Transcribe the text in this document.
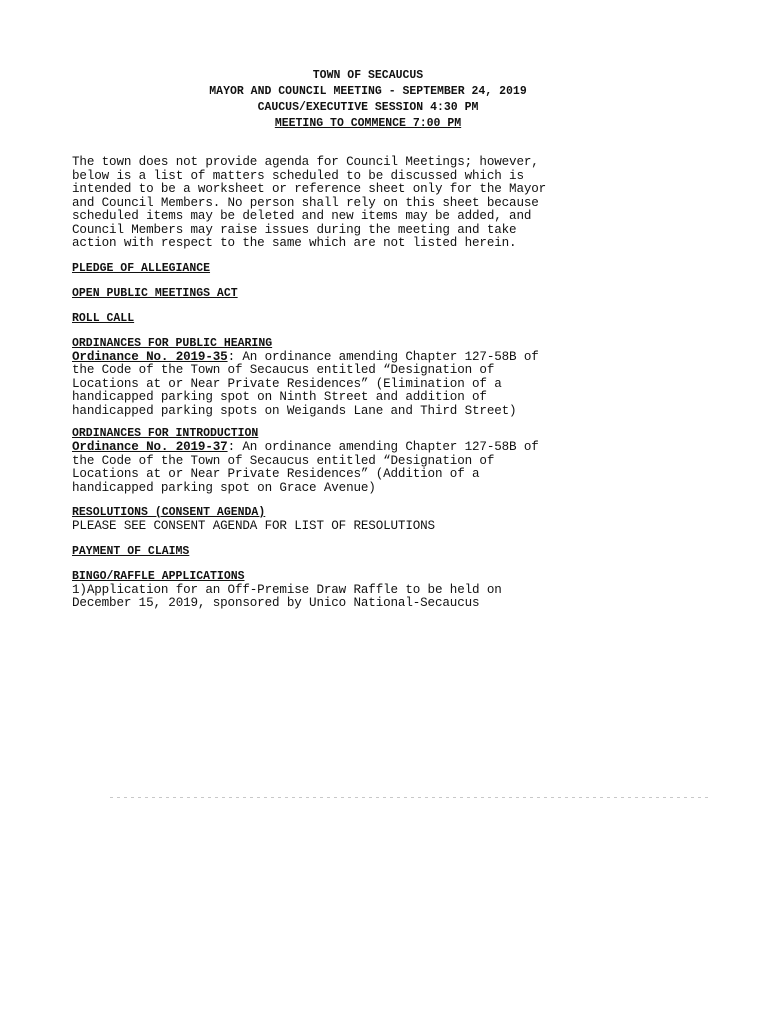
TOWN OF SECAUCUS
MAYOR AND COUNCIL MEETING - SEPTEMBER 24, 2019
CAUCUS/EXECUTIVE SESSION 4:30 PM
MEETING TO COMMENCE 7:00 PM
The town does not provide agenda for Council Meetings; however,
below is a list of matters scheduled to be discussed which is
intended to be a worksheet or reference sheet only for the Mayor
and Council Members. No person shall rely on this sheet because
scheduled items may be deleted and new items may be added, and
Council Members may raise issues during the meeting and take
action with respect to the same which are not listed herein.
PLEDGE OF ALLEGIANCE
OPEN PUBLIC MEETINGS ACT
ROLL CALL
ORDINANCES FOR PUBLIC HEARING
Ordinance No. 2019-35: An ordinance amending Chapter 127-58B of
the Code of the Town of Secaucus entitled “Designation of
Locations at or Near Private Residences” (Elimination of a
handicapped parking spot on Ninth Street and addition of
handicapped parking spots on Weigands Lane and Third Street)
ORDINANCES FOR INTRODUCTION
Ordinance No. 2019-37: An ordinance amending Chapter 127-58B of
the Code of the Town of Secaucus entitled “Designation of
Locations at or Near Private Residences” (Addition of a
handicapped parking spot on Grace Avenue)
RESOLUTIONS (CONSENT AGENDA)
PLEASE SEE CONSENT AGENDA FOR LIST OF RESOLUTIONS
PAYMENT OF CLAIMS
BINGO/RAFFLE APPLICATIONS
1)Application for an Off-Premise Draw Raffle to be held on
December 15, 2019, sponsored by Unico National-Secaucus
